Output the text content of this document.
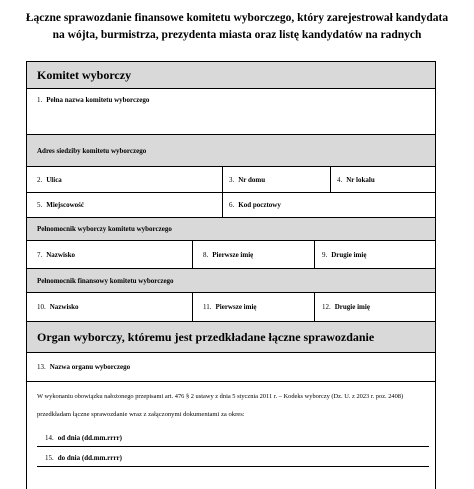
Łączne sprawozdanie finansowe komitetu wyborczego, który zarejestrował kandydata
na wójta, burmistrza, prezydenta miasta oraz listę kandydatów na radnych
Komitet wyborczy
1. Pełna nazwa komitetu wyborczego
Adres siedziby komitetu wyborczego
2. Ulica	3. Nr domu	4. Nr lokalu
5. Miejscowość	6. Kod pocztowy
Pełnomocnik wyborczy komitetu wyborczego
7. Nazwisko	8. Pierwsze imię	9. Drugie imię
Pełnomocnik finansowy komitetu wyborczego
10. Nazwisko	11. Pierwsze imię	12. Drugie imię
Organ wyborczy, któremu jest przedkładane łączne sprawozdanie
13. Nazwa organu wyborczego
W wykonaniu obowiązku nałożonego przepisami art. 476 § 2 ustawy z dnia 5 stycznia 2011 r. – Kodeks wyborczy (Dz. U. z 2023 r. poz. 2408)
przedkładam łączne sprawozdanie wraz z załączonymi dokumentami za okres:
14. od dnia (dd.mm.rrrr)
15. do dnia (dd.mm.rrrr)
